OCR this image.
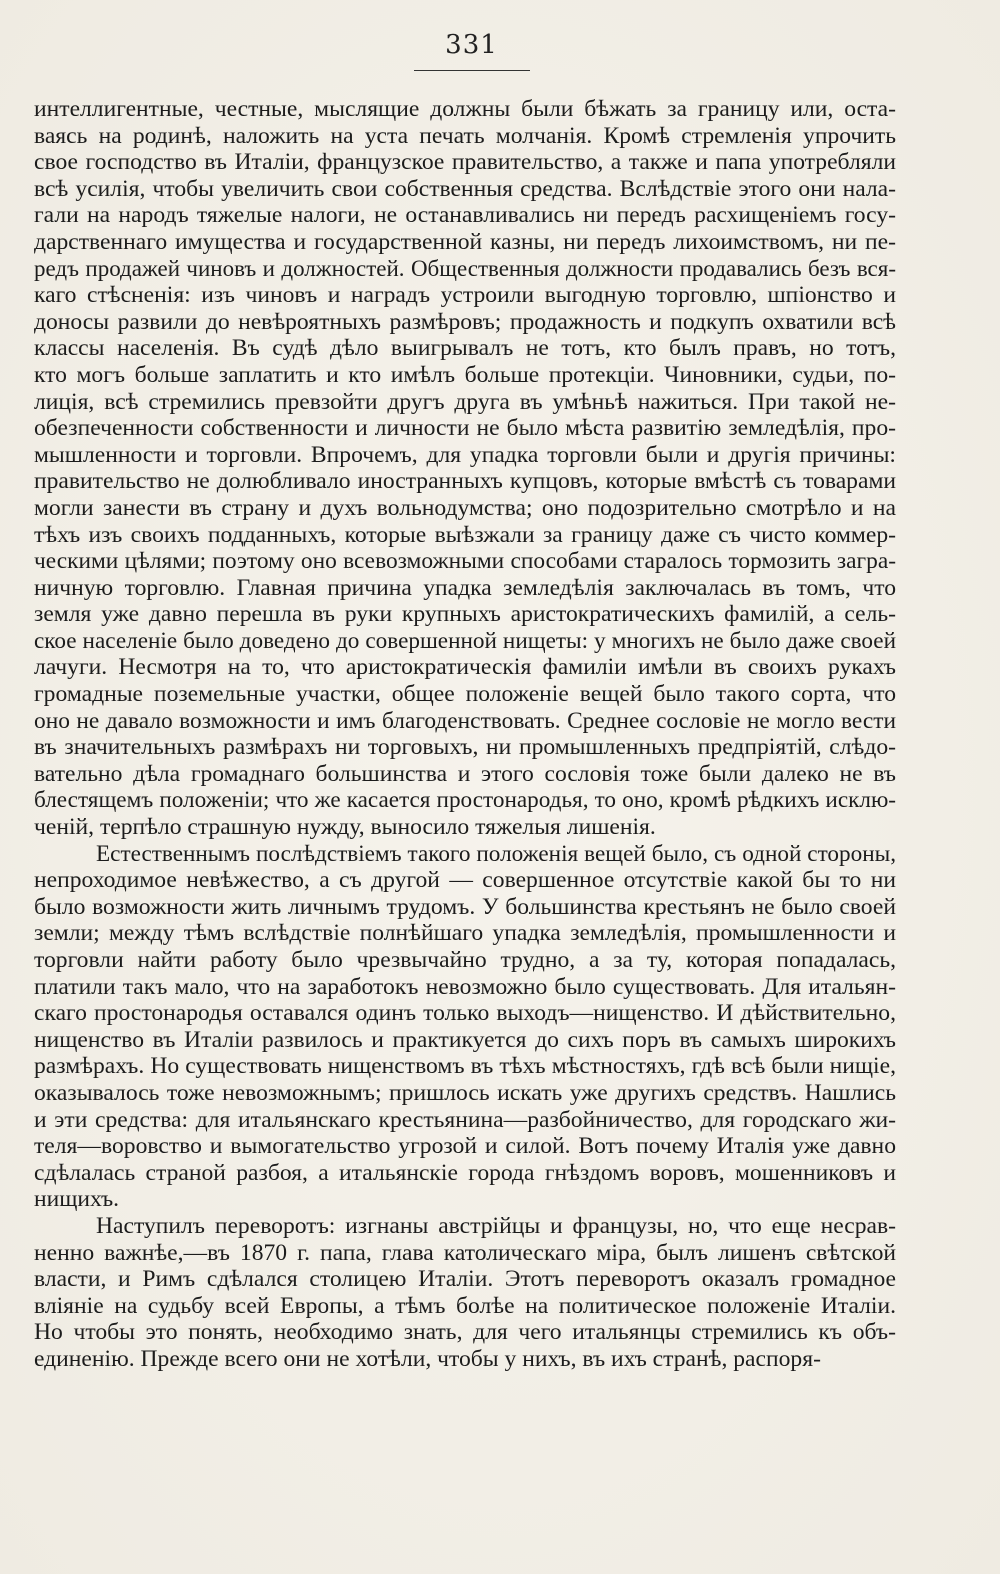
331
интеллигентные, честные, мыслящие должны были бѣжать за границу или, оста-
ваясь на родинѣ, наложить на уста печать молчанія. Кромѣ стремленія упрочить
свое господство въ Италіи, французское правительство, а также и папа употребляли
всѣ усилія, чтобы увеличить свои собственныя средства. Вслѣдствіе этого они нала-
гали на народъ тяжелые налоги, не останавливались ни передъ расхищеніемъ госу-
дарственнаго имущества и государственной казны, ни передъ лихоимствомъ, ни пе-
редъ продажей чиновъ и должностей. Общественныя должности продавались безъ вся-
каго стѣсненія: изъ чиновъ и наградъ устроили выгодную торговлю, шпіонство и
доносы развили до невѣроятныхъ размѣровъ; продажность и подкупъ охватили всѣ
классы населенія. Въ судѣ дѣло выигрывалъ не тотъ, кто былъ правъ, но тотъ,
кто могъ больше заплатить и кто имѣлъ больше протекціи. Чиновники, судьи, по-
лиція, всѣ стремились превзойти другъ друга въ умѣньѣ нажиться. При такой не-
обезпеченности собственности и личности не было мѣста развитію земледѣлія, про-
мышленности и торговли. Впрочемъ, для упадка торговли были и другія причины:
правительство не долюбливало иностранныхъ купцовъ, которые вмѣстѣ съ товарами
могли занести въ страну и духъ вольнодумства; оно подозрительно смотрѣло и на
тѣхъ изъ своихъ подданныхъ, которые выѣзжали за границу даже съ чисто коммер-
ческими цѣлями; поэтому оно всевозможными способами старалось тормозить загра-
ничную торговлю. Главная причина упадка земледѣлія заключалась въ томъ, что
земля уже давно перешла въ руки крупныхъ аристократическихъ фамилій, а сель-
ское населеніе было доведено до совершенной нищеты: у многихъ не было даже своей
лачуги. Несмотря на то, что аристократическія фамиліи имѣли въ своихъ рукахъ
громадные поземельные участки, общее положеніе вещей было такого сорта, что
оно не давало возможности и имъ благоденствовать. Среднее сословіе не могло вести
въ значительныхъ размѣрахъ ни торговыхъ, ни промышленныхъ предпріятій, слѣдо-
вательно дѣла громаднаго большинства и этого сословія тоже были далеко не въ
блестящемъ положеніи; что же касается простонародья, то оно, кромѣ рѣдкихъ исклю-
ченій, терпѣло страшную нужду, выносило тяжелыя лишенія.
Естественнымъ послѣдствіемъ такого положенія вещей было, съ одной стороны,
непроходимое невѣжество, а съ другой — совершенное отсутствіе какой бы то ни
было возможности жить личнымъ трудомъ. У большинства крестьянъ не было своей
земли; между тѣмъ вслѣдствіе полнѣйшаго упадка земледѣлія, промышленности и
торговли найти работу было чрезвычайно трудно, а за ту, которая попадалась,
платили такъ мало, что на заработокъ невозможно было существовать. Для итальян-
скаго простонародья оставался одинъ только выходъ—нищенство. И дѣйствительно,
нищенство въ Италіи развилось и практикуется до сихъ поръ въ самыхъ широкихъ
размѣрахъ. Но существовать нищенствомъ въ тѣхъ мѣстностяхъ, гдѣ всѣ были нищіе,
оказывалось тоже невозможнымъ; пришлось искать уже другихъ средствъ. Нашлись
и эти средства: для итальянскаго крестьянина—разбойничество, для городскаго жи-
теля—воровство и вымогательство угрозой и силой. Вотъ почему Италія уже давно
сдѣлалась страной разбоя, а итальянскіе города гнѣздомъ воровъ, мошенниковъ и
нищихъ.
Наступилъ переворотъ: изгнаны австрійцы и французы, но, что еще несрав-
ненно важнѣе,—въ 1870 г. папа, глава католическаго міра, былъ лишенъ свѣтской
власти, и Римъ сдѣлался столицею Италіи. Этотъ переворотъ оказалъ громадное
вліяніе на судьбу всей Европы, а тѣмъ болѣе на политическое положеніе Италіи.
Но чтобы это понять, необходимо знать, для чего итальянцы стремились къ объ-
единенію. Прежде всего они не хотѣли, чтобы у нихъ, въ ихъ странѣ, распоря-
